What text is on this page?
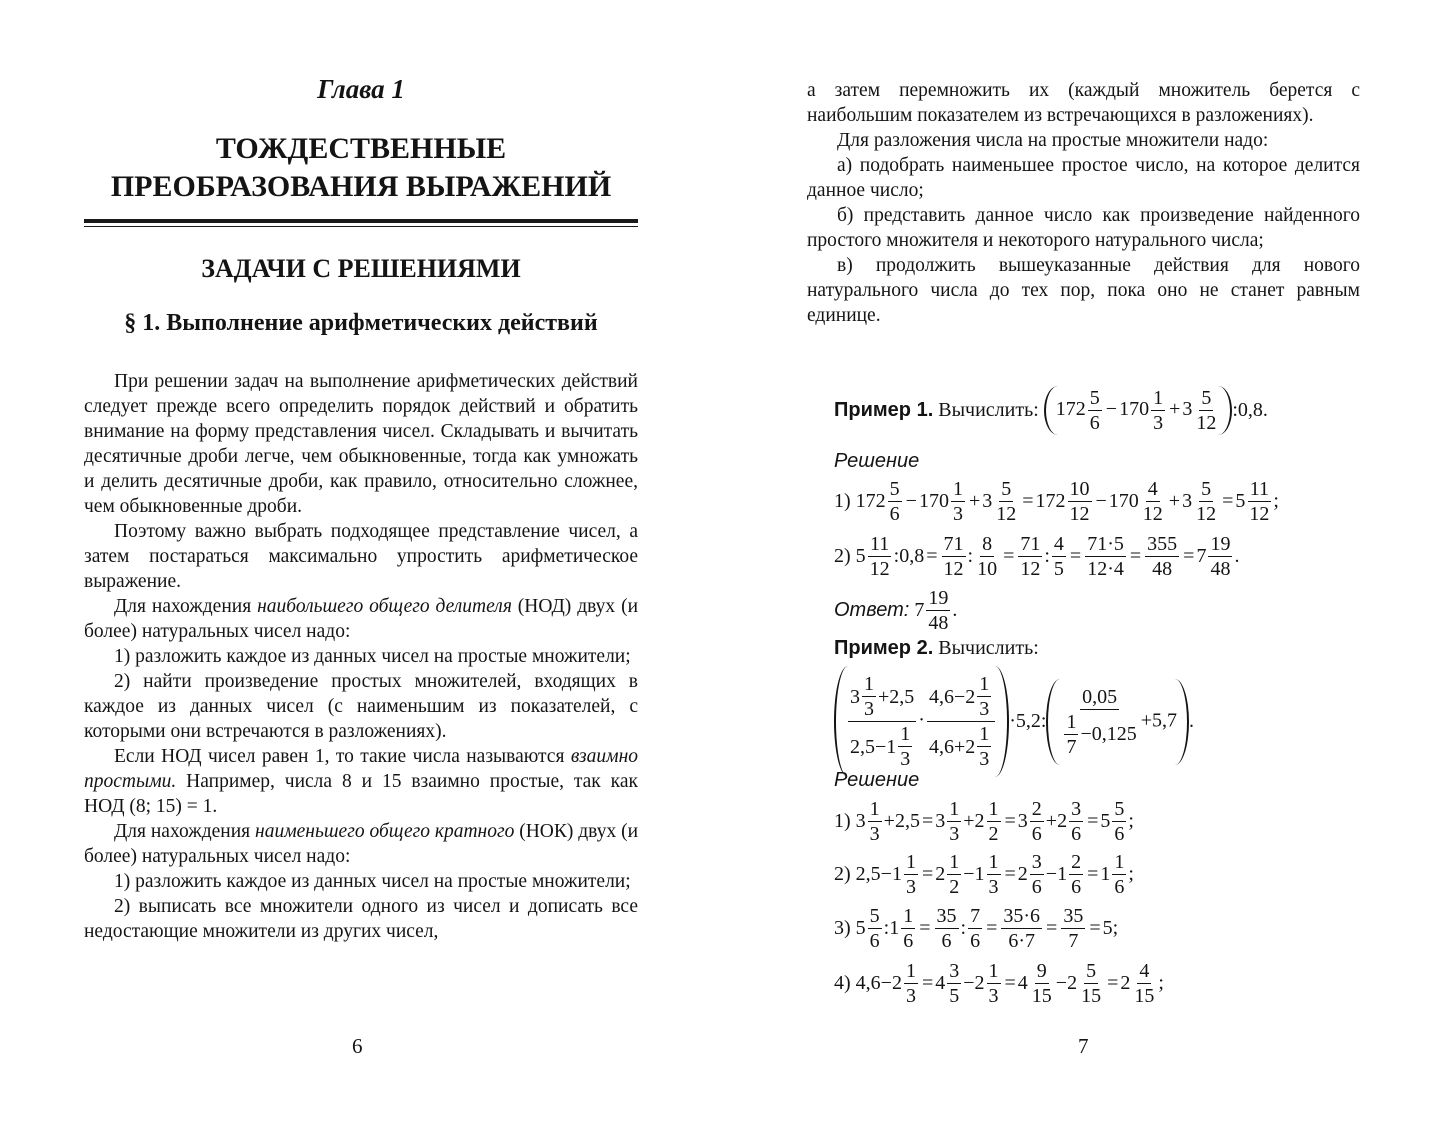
Глава 1
ТОЖДЕСТВЕННЫЕ
ПРЕОБРАЗОВАНИЯ ВЫРАЖЕНИЙ
ЗАДАЧИ С РЕШЕНИЯМИ
§ 1. Выполнение арифметических действий

При решении задач на выполнение арифметических действий следует прежде всего определить порядок действий и обратить внимание на форму представления чисел. Складывать и вычитать десятичные дроби легче, чем обыкновенные, тогда как умножать и делить десятичные дроби, как правило, относительно сложнее, чем обыкновенные дроби.

Поэтому важно выбрать подходящее представление чисел, а затем постараться максимально упростить арифметическое выражение.

Для нахождения наибольшего общего делителя (НОД) двух (и более) натуральных чисел надо:

1) разложить каждое из данных чисел на простые множители;

2) найти произведение простых множителей, входящих в каждое из данных чисел (с наименьшим из показателей, с которыми они встречаются в разложениях).

Если НОД чисел равен 1, то такие числа называются взаимно простыми. Например, числа 8 и 15 взаимно простые, так как НОД (8; 15) = 1.

Для нахождения наименьшего общего кратного (НОК) двух (и более) натуральных чисел надо:

1) разложить каждое из данных чисел на простые множители;

2) выписать все множители одного из чисел и дописать все недостающие множители из других чисел,

6

а затем перемножить их (каждый множитель берется с наибольшим показателем из встречающихся в разложениях).

Для разложения числа на простые множители надо:

а) подобрать наименьшее простое число, на которое делится данное число;

б) представить данное число как произведение найденного простого множителя и некоторого натурального числа;

в) продолжить вышеуказанные действия для нового натурального числа до тех пор, пока оно не станет равным единице.

Пример 1.
Вычислить:
$172 \frac{5}{6} - 170 \frac{1}{3} + 3 \frac{5}{12}$ :0,8.
Решение
1) $172 \frac{5}{6} - 170 \frac{1}{3} + 3 \frac{5}{12} = 172 \frac{10}{12} - 170 \frac{4}{12} + 3 \frac{5}{12} = 5 \frac{11}{12}$ ;
2) $5 \frac{11}{12}$ :0,8 = $\frac{71}{12}$ : $\frac{8}{10} = \frac{71}{12}$ : $\frac{4}{5} = \frac{71\cdot 5}{12\cdot 4} = \frac{355}{48} = 7 \frac{19}{48}$ .
Ответ: $7 \frac{19}{48}$ .
Пример 2. Вычислить:
$\frac{3 \frac{1}{3} +2,5}{2,5-1 \frac{1}{3}} \cdot \frac{4,6-2 \frac{1}{3}}{4,6+2 \frac{1}{3}} \cdot 5,2$: $\frac{0,05}{\frac{1}{7} -0,125} +5,7$ .
Решение
1) $3 \frac{1}{3} +2,5 = 3 \frac{1}{3} +2 \frac{1}{2} = 3 \frac{2}{6} +2 \frac{3}{6} = 5 \frac{5}{6}$ ;
2) $2,5-1 \frac{1}{3} = 2 \frac{1}{2} -1 \frac{1}{3} = 2 \frac{3}{6} -1 \frac{2}{6} = 1 \frac{1}{6}$ ;
3) $5 \frac{5}{6}$ :1 $\frac{1}{6} = \frac{35}{6}$ : $\frac{7}{6} = \frac{35\cdot 6}{6\cdot 7} = \frac{35}{7} = 5$;
4) $4,6-2 \frac{1}{3} = 4 \frac{3}{5} -2 \frac{1}{3} = 4 \frac{9}{15} -2 \frac{5}{15} = 2 \frac{4}{15}$ ;
7
